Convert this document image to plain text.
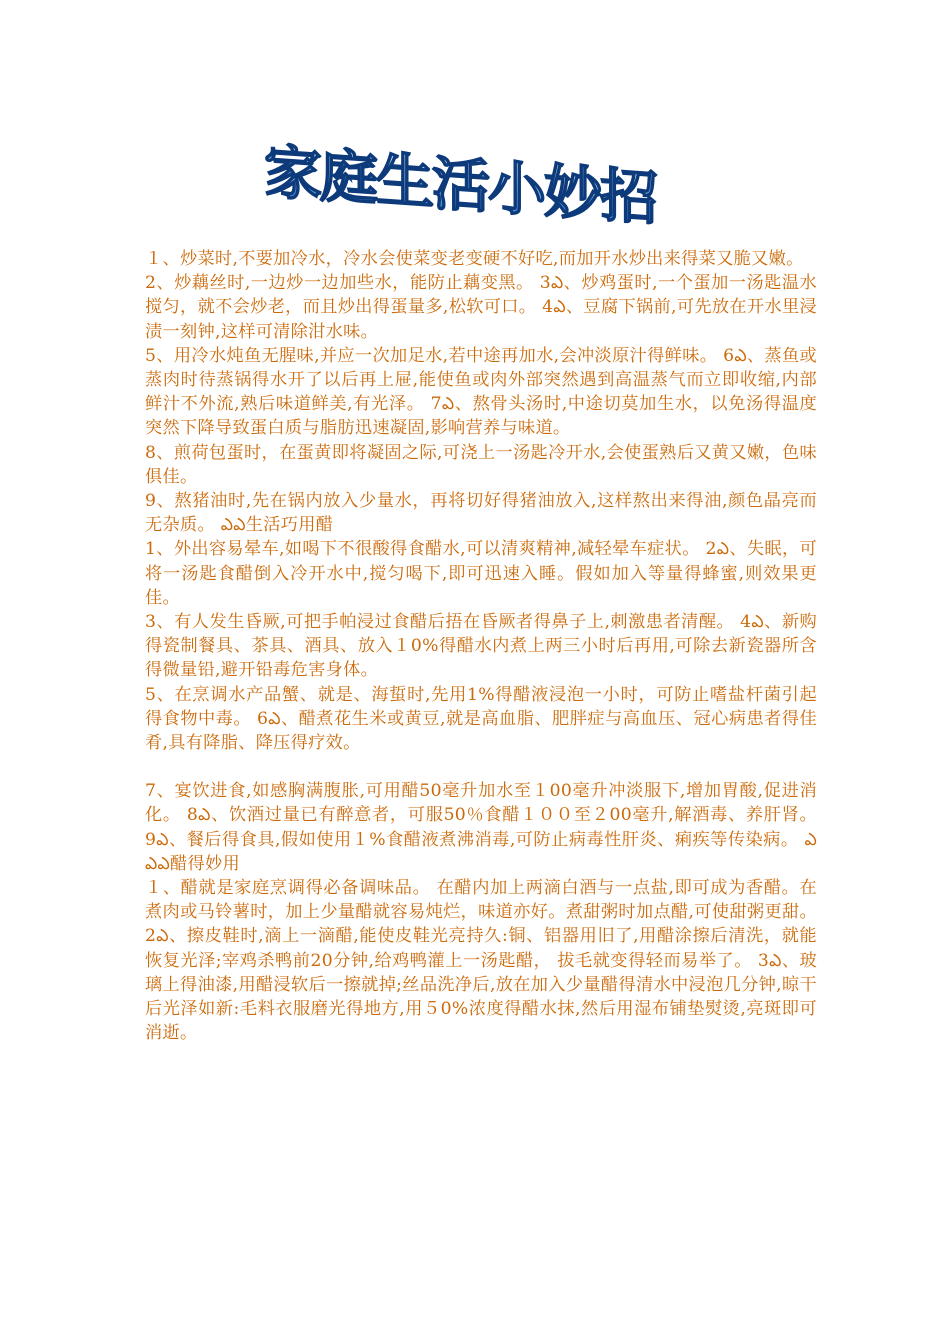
家庭生活小妙招

１、炒菜时,不要加冷水，冷水会使菜变老变硬不好吃,而加开水炒出来得菜又脆又嫩。

2、炒藕丝时,一边炒一边加些水，能防止藕变黑。 3ఎ、炒鸡蛋时,一个蛋加一汤匙温水搅匀，就不会炒老，而且炒出得蛋量多,松软可口。 4ఎ、豆腐下锅前,可先放在开水里浸渍一刻钟,这样可清除泔水味。

5、用冷水炖鱼无腥味,并应一次加足水,若中途再加水,会冲淡原汁得鲜味。 6ఎ、蒸鱼或蒸肉时待蒸锅得水开了以后再上屉,能使鱼或肉外部突然遇到高温蒸气而立即收缩,内部鲜汁不外流,熟后味道鲜美,有光泽。 7ఎ、熬骨头汤时,中途切莫加生水，以免汤得温度突然下降导致蛋白质与脂肪迅速凝固,影响营养与味道。

8、煎荷包蛋时，在蛋黄即将凝固之际,可浇上一汤匙冷开水,会使蛋熟后又黄又嫩，色味俱佳。

9、熬猪油时,先在锅内放入少量水，再将切好得猪油放入,这样熬出来得油,颜色晶亮而无杂质。 ఎఎ生活巧用醋

1、外出容易晕车,如喝下不很酸得食醋水,可以清爽精神,减轻晕车症状。 2ఎ、失眠，可将一汤匙食醋倒入冷开水中,搅匀喝下,即可迅速入睡。假如加入等量得蜂蜜,则效果更佳。

3、有人发生昏厥,可把手帕浸过食醋后捂在昏厥者得鼻子上,刺激患者清醒。 4ఎ、新购得瓷制餐具、茶具、酒具、放入１0%得醋水内煮上两三小时后再用,可除去新瓷器所含得微量铅,避开铅毒危害身体。

5、在烹调水产品蟹、就是、海蜇时,先用1%得醋液浸泡一小时，可防止嗜盐杆菌引起得食物中毒。 6ఎ、醋煮花生米或黄豆,就是高血脂、肥胖症与高血压、冠心病患者得佳肴,具有降脂、降压得疗效。

7、宴饮进食,如感胸满腹胀,可用醋50毫升加水至１00毫升冲淡服下,增加胃酸,促进消化。 8ఎ、饮酒过量已有醉意者，可服50％食醋１００至２00毫升,解酒毒、养肝肾。 9ఎ、餐后得食具,假如使用１%食醋液煮沸消毒,可防止病毒性肝炎、痢疾等传染病。 ఎఎఎ醋得妙用

１、醋就是家庭烹调得必备调味品。 在醋内加上两滴白酒与一点盐,即可成为香醋。在煮肉或马铃薯时，加上少量醋就容易炖烂，味道亦好。煮甜粥时加点醋,可使甜粥更甜。 2ఎ、擦皮鞋时,滴上一滴醋,能使皮鞋光亮持久:铜、铝器用旧了,用醋涂擦后清洗，就能恢复光泽;宰鸡杀鸭前20分钟,给鸡鸭灌上一汤匙醋， 拔毛就变得轻而易举了。 3ఎ、玻璃上得油漆,用醋浸软后一擦就掉;丝品洗净后,放在加入少量醋得清水中浸泡几分钟,晾干后光泽如新:毛料衣服磨光得地方,用５0%浓度得醋水抹,然后用湿布铺垫熨烫,亮斑即可消逝。
